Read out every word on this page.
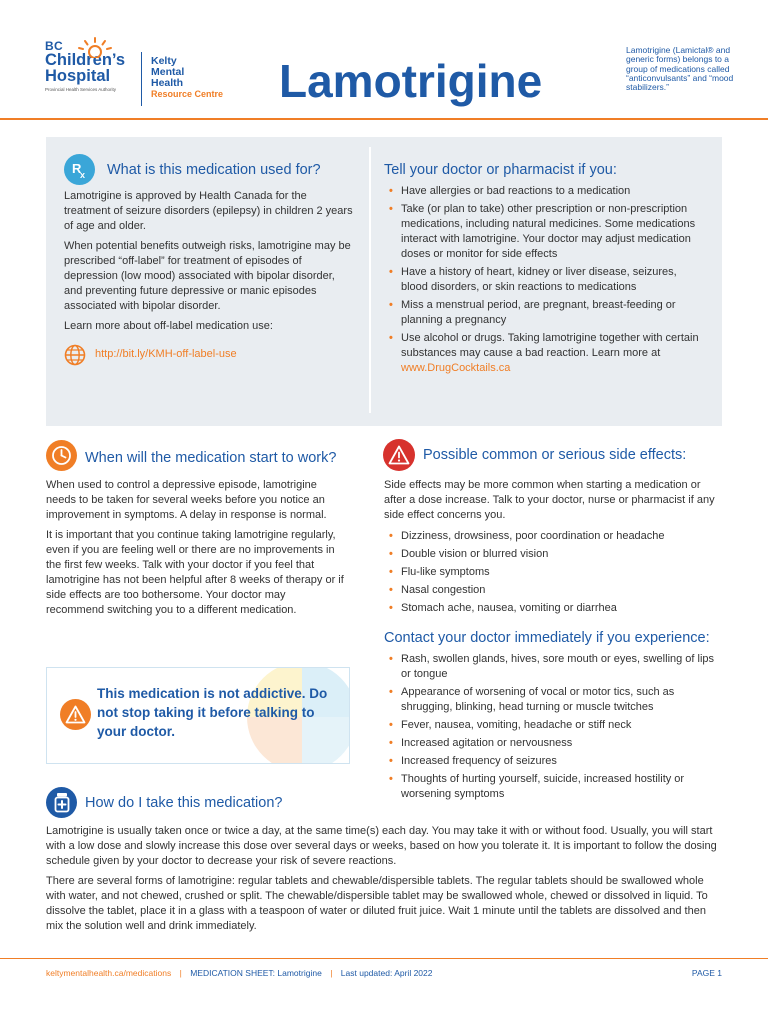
BC
Children’s
Hospital
Provincial Health Services Authority
Kelty
Mental
Health
Resource Centre Lamotrigine
Lamotrigine (Lamictal® and generic forms) belongs to a group of medications called “anticonvulsants” and “mood stabilizers.”
R
x What is this medication used for?

Lamotrigine is approved by Health Canada for the treatment of seizure disorders (epilepsy) in children 2 years of age and older.

When potential benefits outweigh risks, lamotrigine may be prescribed “off-label” for treatment of episodes of depression (low mood) associated with bipolar disorder, and preventing future depressive or manic episodes associated with bipolar disorder.

Learn more about off-label medication use:

http://bit.ly/KMH-off-label-use
Tell your doctor or pharmacist if you:
• Have allergies or bad reactions to a medication
• Take (or plan to take) other prescription or non-prescription medications, including natural medicines. Some medications interact with lamotrigine. Your doctor may adjust medication doses or monitor for side effects
• Have a history of heart, kidney or liver disease, seizures, blood disorders, or skin reactions to medications
• Miss a menstrual period, are pregnant, breast-feeding or planning a pregnancy
• Use alcohol or drugs. Taking lamotrigine together with certain substances may cause a bad reaction. Learn more at www.DrugCocktails.ca
When will the medication start to work?

When used to control a depressive episode, lamotrigine needs to be taken for several weeks before you notice an improvement in symptoms. A delay in response is normal.

It is important that you continue taking lamotrigine regularly, even if you are feeling well or there are no improvements in the first few weeks. Talk with your doctor if you feel that lamotrigine has not been helpful after 8 weeks of therapy or if side effects are too bothersome. Your doctor may recommend switching you to a different medication.

This medication is not addictive. Do not stop taking it before talking to your doctor.
Possible common or serious side effects:

Side effects may be more common when starting a medication or after a dose increase. Talk to your doctor, nurse or pharmacist if any side effect concerns you.

• Dizziness, drowsiness, poor coordination or headache
• Double vision or blurred vision
• Flu-like symptoms
• Nasal congestion
• Stomach ache, nausea, vomiting or diarrhea
Contact your doctor immediately if you experience:
• Rash, swollen glands, hives, sore mouth or eyes, swelling of lips or tongue
• Appearance of worsening of vocal or motor tics, such as shrugging, blinking, head turning or muscle twitches
• Fever, nausea, vomiting, headache or stiff neck
• Increased agitation or nervousness
• Increased frequency of seizures
• Thoughts of hurting yourself, suicide, increased hostility or worsening symptoms
How do I take this medication?

Lamotrigine is usually taken once or twice a day, at the same time(s) each day. You may take it with or without food. Usually, you will start with a low dose and slowly increase this dose over several days or weeks, based on how you tolerate it. It is important to follow the dosing schedule given by your doctor to decrease your risk of severe reactions.

There are several forms of lamotrigine: regular tablets and chewable/dispersible tablets. The regular tablets should be swallowed whole with water, and not chewed, crushed or split. The chewable/dispersible tablet may be swallowed whole, chewed or dissolved in liquid. To dissolve the tablet, place it in a glass with a teaspoon of water or diluted fruit juice. Wait 1 minute until the tablets are dissolved and then mix the solution well and drink immediately.

keltymentalhealth.ca/medications | MEDICATION SHEET: Lamotrigine | Last updated: April 2022	PAGE 1
